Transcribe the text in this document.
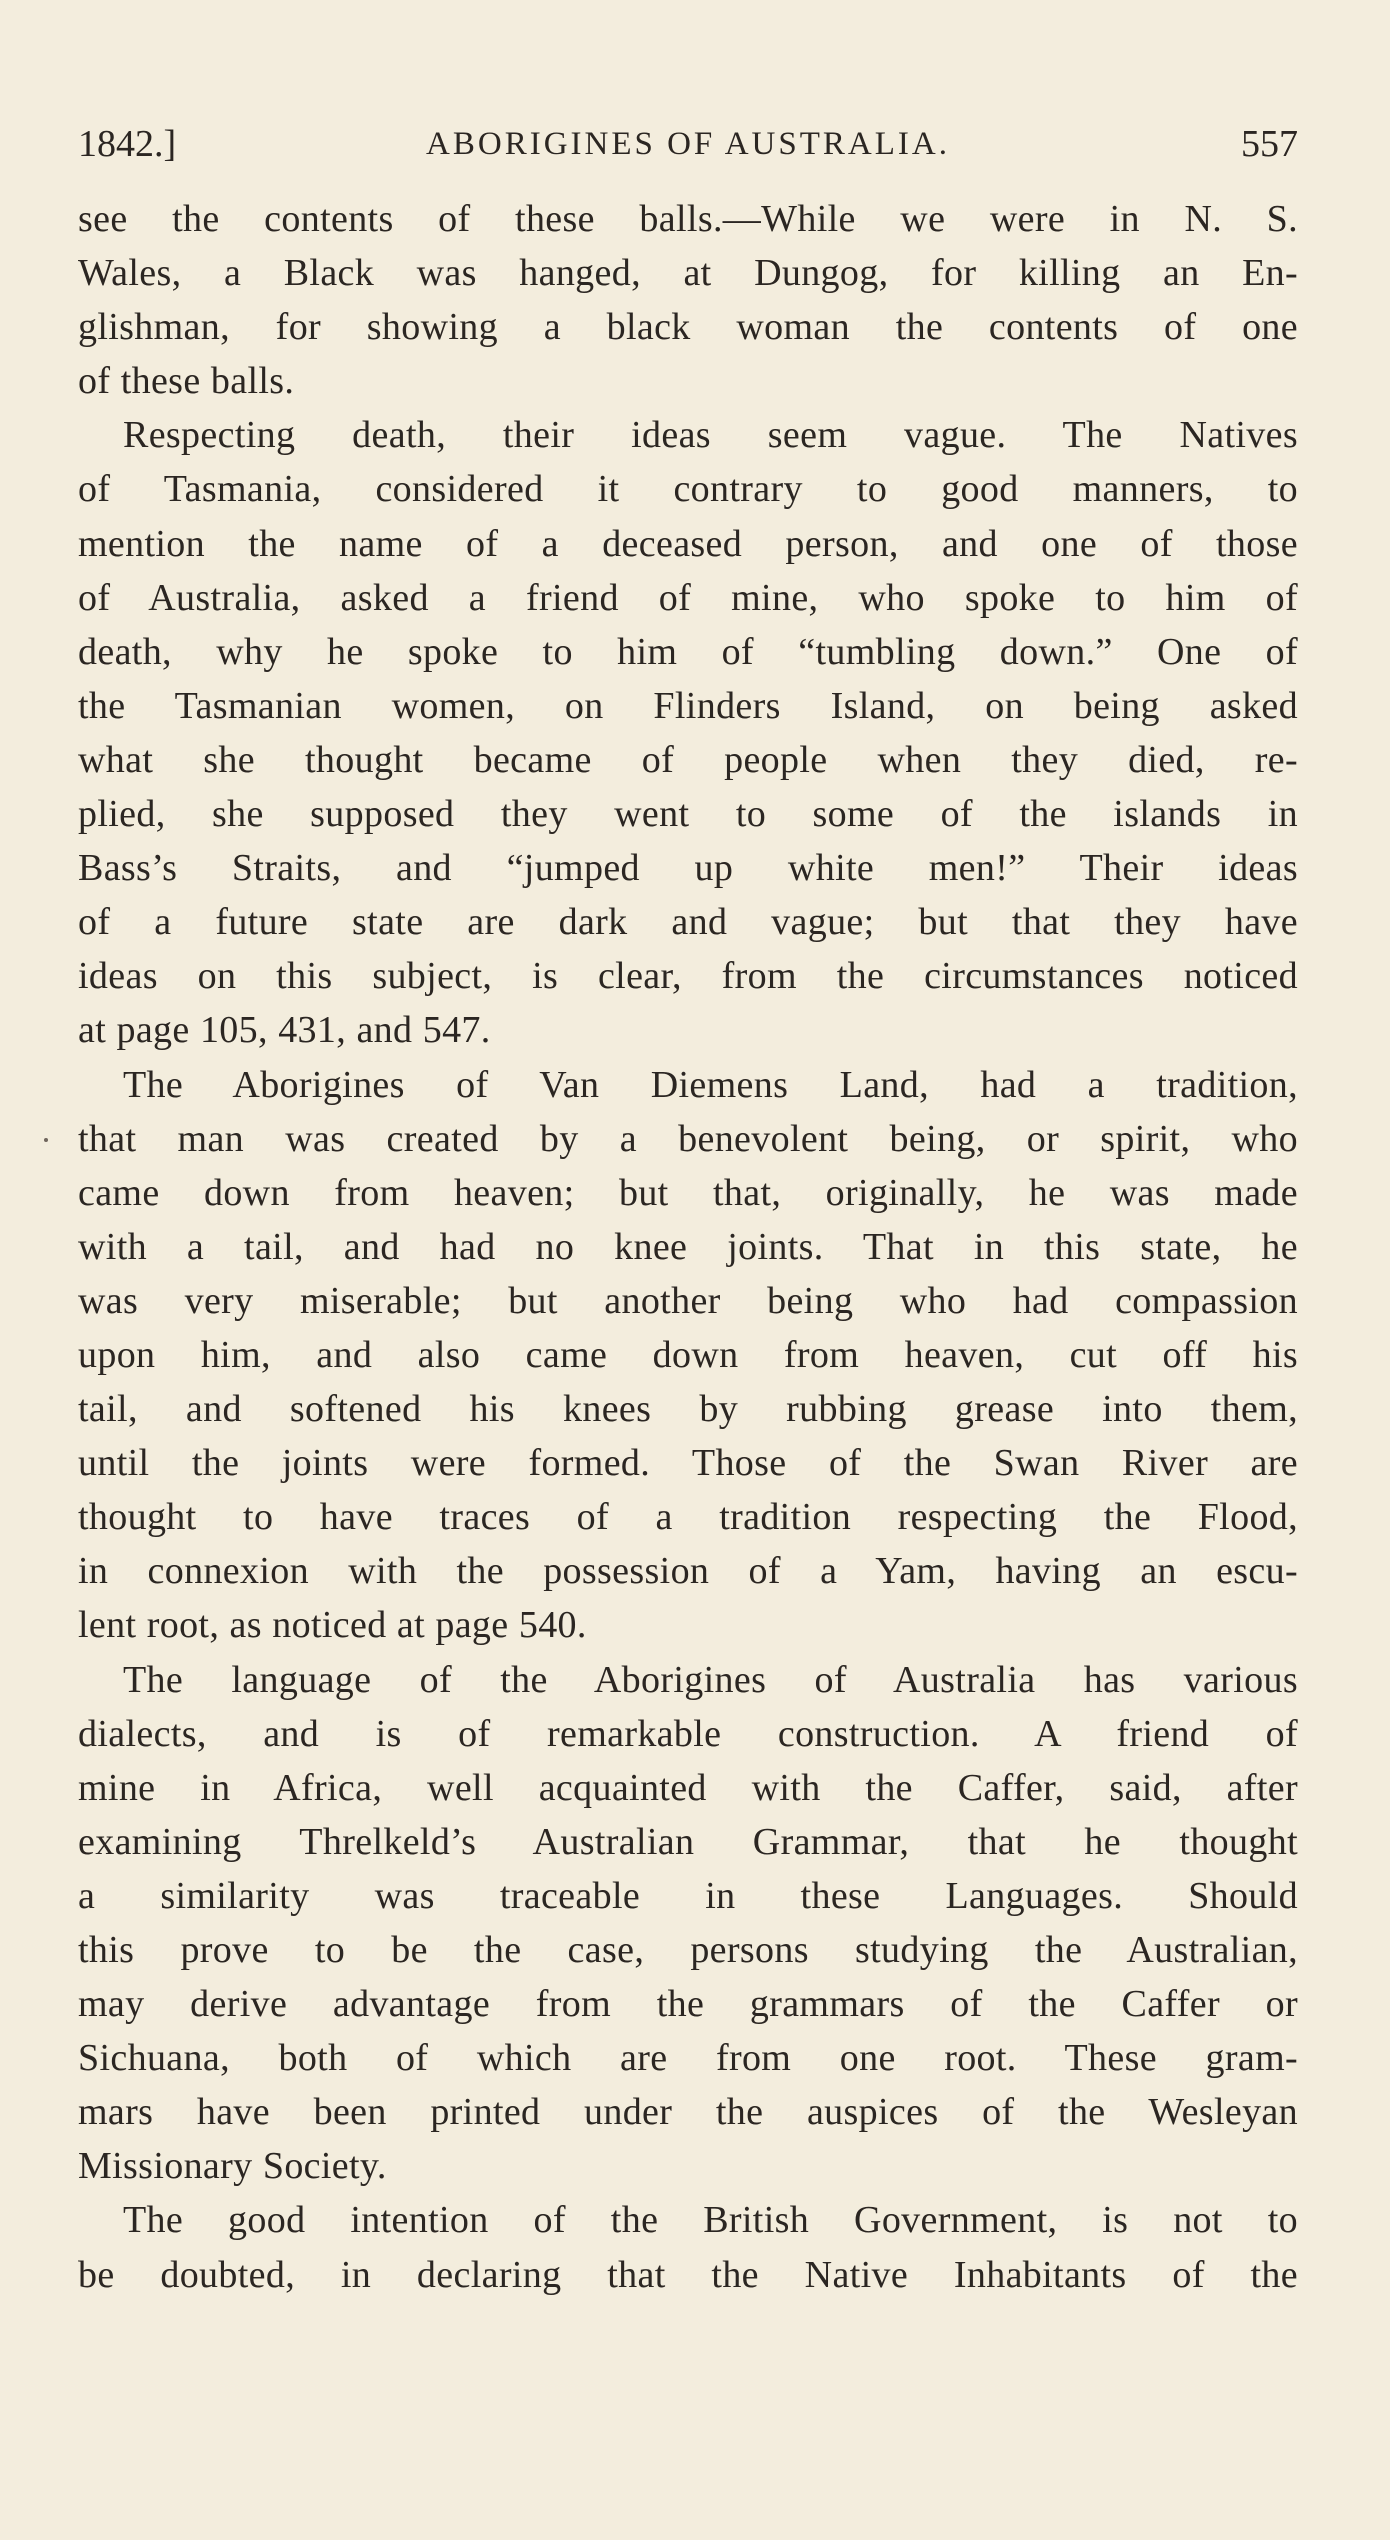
1842.]	ABORIGINES OF AUSTRALIA.	557
see the contents of these balls.—While we were in N. S.
Wales, a Black was hanged, at Dungog, for killing an En-
glishman, for showing a black woman the contents of one
of these balls.
Respecting death, their ideas seem vague. The Natives
of Tasmania, considered it contrary to good manners, to
mention the name of a deceased person, and one of those
of Australia, asked a friend of mine, who spoke to him of
death, why he spoke to him of “tumbling down.” One of
the Tasmanian women, on Flinders Island, on being asked
what she thought became of people when they died, re-
plied, she supposed they went to some of the islands in
Bass’s Straits, and “jumped up white men!” Their ideas
of a future state are dark and vague; but that they have
ideas on this subject, is clear, from the circumstances noticed
at page 105, 431, and 547.
The Aborigines of Van Diemens Land, had a tradition,
that man was created by a benevolent being, or spirit, who
came down from heaven; but that, originally, he was made
with a tail, and had no knee joints. That in this state, he
was very miserable; but another being who had compassion
upon him, and also came down from heaven, cut off his
tail, and softened his knees by rubbing grease into them,
until the joints were formed. Those of the Swan River are
thought to have traces of a tradition respecting the Flood,
in connexion with the possession of a Yam, having an escu-
lent root, as noticed at page 540.
The language of the Aborigines of Australia has various
dialects, and is of remarkable construction. A friend of
mine in Africa, well acquainted with the Caffer, said, after
examining Threlkeld’s Australian Grammar, that he thought
a similarity was traceable in these Languages. Should
this prove to be the case, persons studying the Australian,
may derive advantage from the grammars of the Caffer or
Sichuana, both of which are from one root. These gram-
mars have been printed under the auspices of the Wesleyan
Missionary Society.
The good intention of the British Government, is not to
be doubted, in declaring that the Native Inhabitants of the
